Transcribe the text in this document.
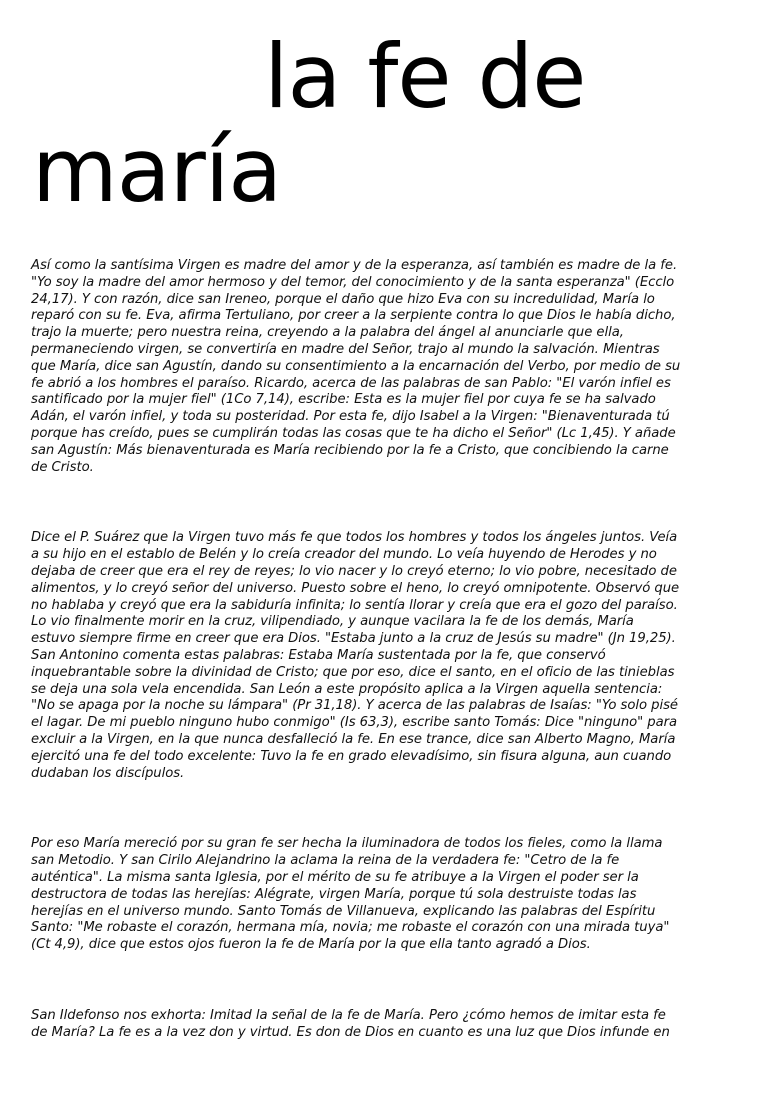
la fe de
maría

Así como la santísima Virgen es madre del amor y de la esperanza, así también es madre de la fe.
"Yo soy la madre del amor hermoso y del temor, del conocimiento y de la santa esperanza" (Ecclo
24,17). Y con razón, dice san Ireneo, porque el daño que hizo Eva con su incredulidad, María lo
reparó con su fe. Eva, afirma Tertuliano, por creer a la serpiente contra lo que Dios le había dicho,
trajo la muerte; pero nuestra reina, creyendo a la palabra del ángel al anunciarle que ella,
permaneciendo virgen, se convertiría en madre del Señor, trajo al mundo la salvación. Mientras
que María, dice san Agustín, dando su consentimiento a la encarnación del Verbo, por medio de su
fe abrió a los hombres el paraíso. Ricardo, acerca de las palabras de san Pablo: "El varón infiel es
santificado por la mujer fiel" (1Co 7,14), escribe: Esta es la mujer fiel por cuya fe se ha salvado
Adán, el varón infiel, y toda su posteridad. Por esta fe, dijo Isabel a la Virgen: "Bienaventurada tú
porque has creído, pues se cumplirán todas las cosas que te ha dicho el Señor" (Lc 1,45). Y añade
san Agustín: Más bienaventurada es María recibiendo por la fe a Cristo, que concibiendo la carne
de Cristo.

Dice el P. Suárez que la Virgen tuvo más fe que todos los hombres y todos los ángeles juntos. Veía
a su hijo en el establo de Belén y lo creía creador del mundo. Lo veía huyendo de Herodes y no
dejaba de creer que era el rey de reyes; lo vio nacer y lo creyó eterno; lo vio pobre, necesitado de
alimentos, y lo creyó señor del universo. Puesto sobre el heno, lo creyó omnipotente. Observó que
no hablaba y creyó que era la sabiduría infinita; lo sentía llorar y creía que era el gozo del paraíso.
Lo vio finalmente morir en la cruz, vilipendiado, y aunque vacilara la fe de los demás, María
estuvo siempre firme en creer que era Dios. "Estaba junto a la cruz de Jesús su madre" (Jn 19,25).
San Antonino comenta estas palabras: Estaba María sustentada por la fe, que conservó
inquebrantable sobre la divinidad de Cristo; que por eso, dice el santo, en el oficio de las tinieblas
se deja una sola vela encendida. San León a este propósito aplica a la Virgen aquella sentencia:
"No se apaga por la noche su lámpara" (Pr 31,18). Y acerca de las palabras de Isaías: "Yo solo pisé
el lagar. De mi pueblo ninguno hubo conmigo" (Is 63,3), escribe santo Tomás: Dice "ninguno" para
excluir a la Virgen, en la que nunca desfalleció la fe. En ese trance, dice san Alberto Magno, María
ejercitó una fe del todo excelente: Tuvo la fe en grado elevadísimo, sin fisura alguna, aun cuando
dudaban los discípulos.

Por eso María mereció por su gran fe ser hecha la iluminadora de todos los fieles, como la llama
san Metodio. Y san Cirilo Alejandrino la aclama la reina de la verdadera fe: "Cetro de la fe
auténtica". La misma santa Iglesia, por el mérito de su fe atribuye a la Virgen el poder ser la
destructora de todas las herejías: Alégrate, virgen María, porque tú sola destruiste todas las
herejías en el universo mundo. Santo Tomás de Villanueva, explicando las palabras del Espíritu
Santo: "Me robaste el corazón, hermana mía, novia; me robaste el corazón con una mirada tuya"
(Ct 4,9), dice que estos ojos fueron la fe de María por la que ella tanto agradó a Dios.

San Ildefonso nos exhorta: Imitad la señal de la fe de María. Pero ¿cómo hemos de imitar esta fe
de María? La fe es a la vez don y virtud. Es don de Dios en cuanto es una luz que Dios infunde en
